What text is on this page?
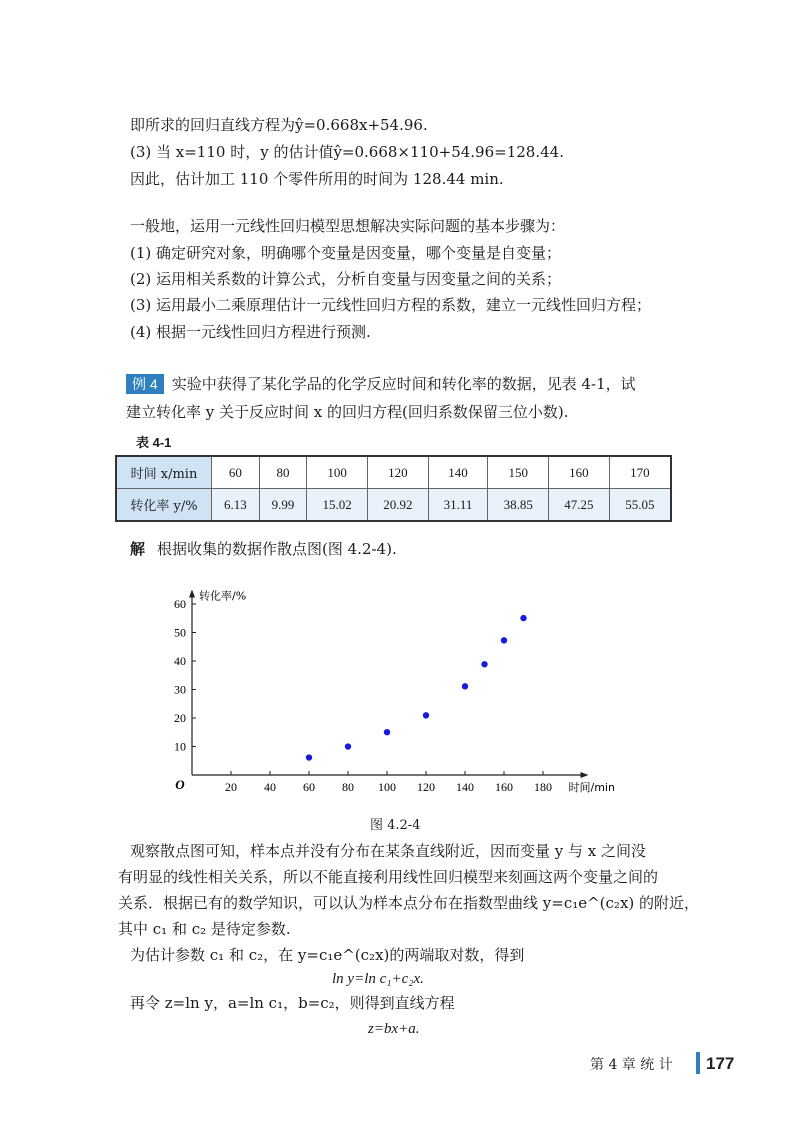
即所求的回归直线方程为ŷ=0.668x+54.96.
(3) 当 x=110 时，y 的估计值ŷ=0.668×110+54.96=128.44.
因此，估计加工 110 个零件所用的时间为 128.44 min.
一般地，运用一元线性回归模型思想解决实际问题的基本步骤为：
(1) 确定研究对象，明确哪个变量是因变量，哪个变量是自变量；
(2) 运用相关系数的计算公式，分析自变量与因变量之间的关系；
(3) 运用最小二乘原理估计一元线性回归方程的系数，建立一元线性回归方程；
(4) 根据一元线性回归方程进行预测.
例 4 实验中获得了某化学品的化学反应时间和转化率的数据，见表 4-1，试
建立转化率 y 关于反应时间 x 的回归方程(回归系数保留三位小数).
表 4-1
时间 x/min	60	80	100	120	140	150	160	170
转化率 y/%	6.13	9.99	15.02	20.92	31.11	38.85	47.25	55.05
解 根据收集的数据作散点图(图 4.2-4).
20 40 60 80 100 120 140 160 180
10
20
30
40
50
60
O
转化率/%
时间/min
图 4.2-4
观察散点图可知，样本点并没有分布在某条直线附近，因而变量 y 与 x 之间没
有明显的线性相关关系，所以不能直接利用线性回归模型来刻画这两个变量之间的
关系．根据已有的数学知识，可以认为样本点分布在指数型曲线 y=c₁e^(c₂x) 的附近，
其中 c₁ 和 c₂ 是待定参数.
为估计参数 c₁ 和 c₂，在 y=c₁e^(c₂x)的两端取对数，得到
ln y=ln c₁+c₂x.
再令 z=ln y，a=ln c₁，b=c₂，则得到直线方程
z=bx+a.
第 4 章 统 计 177
